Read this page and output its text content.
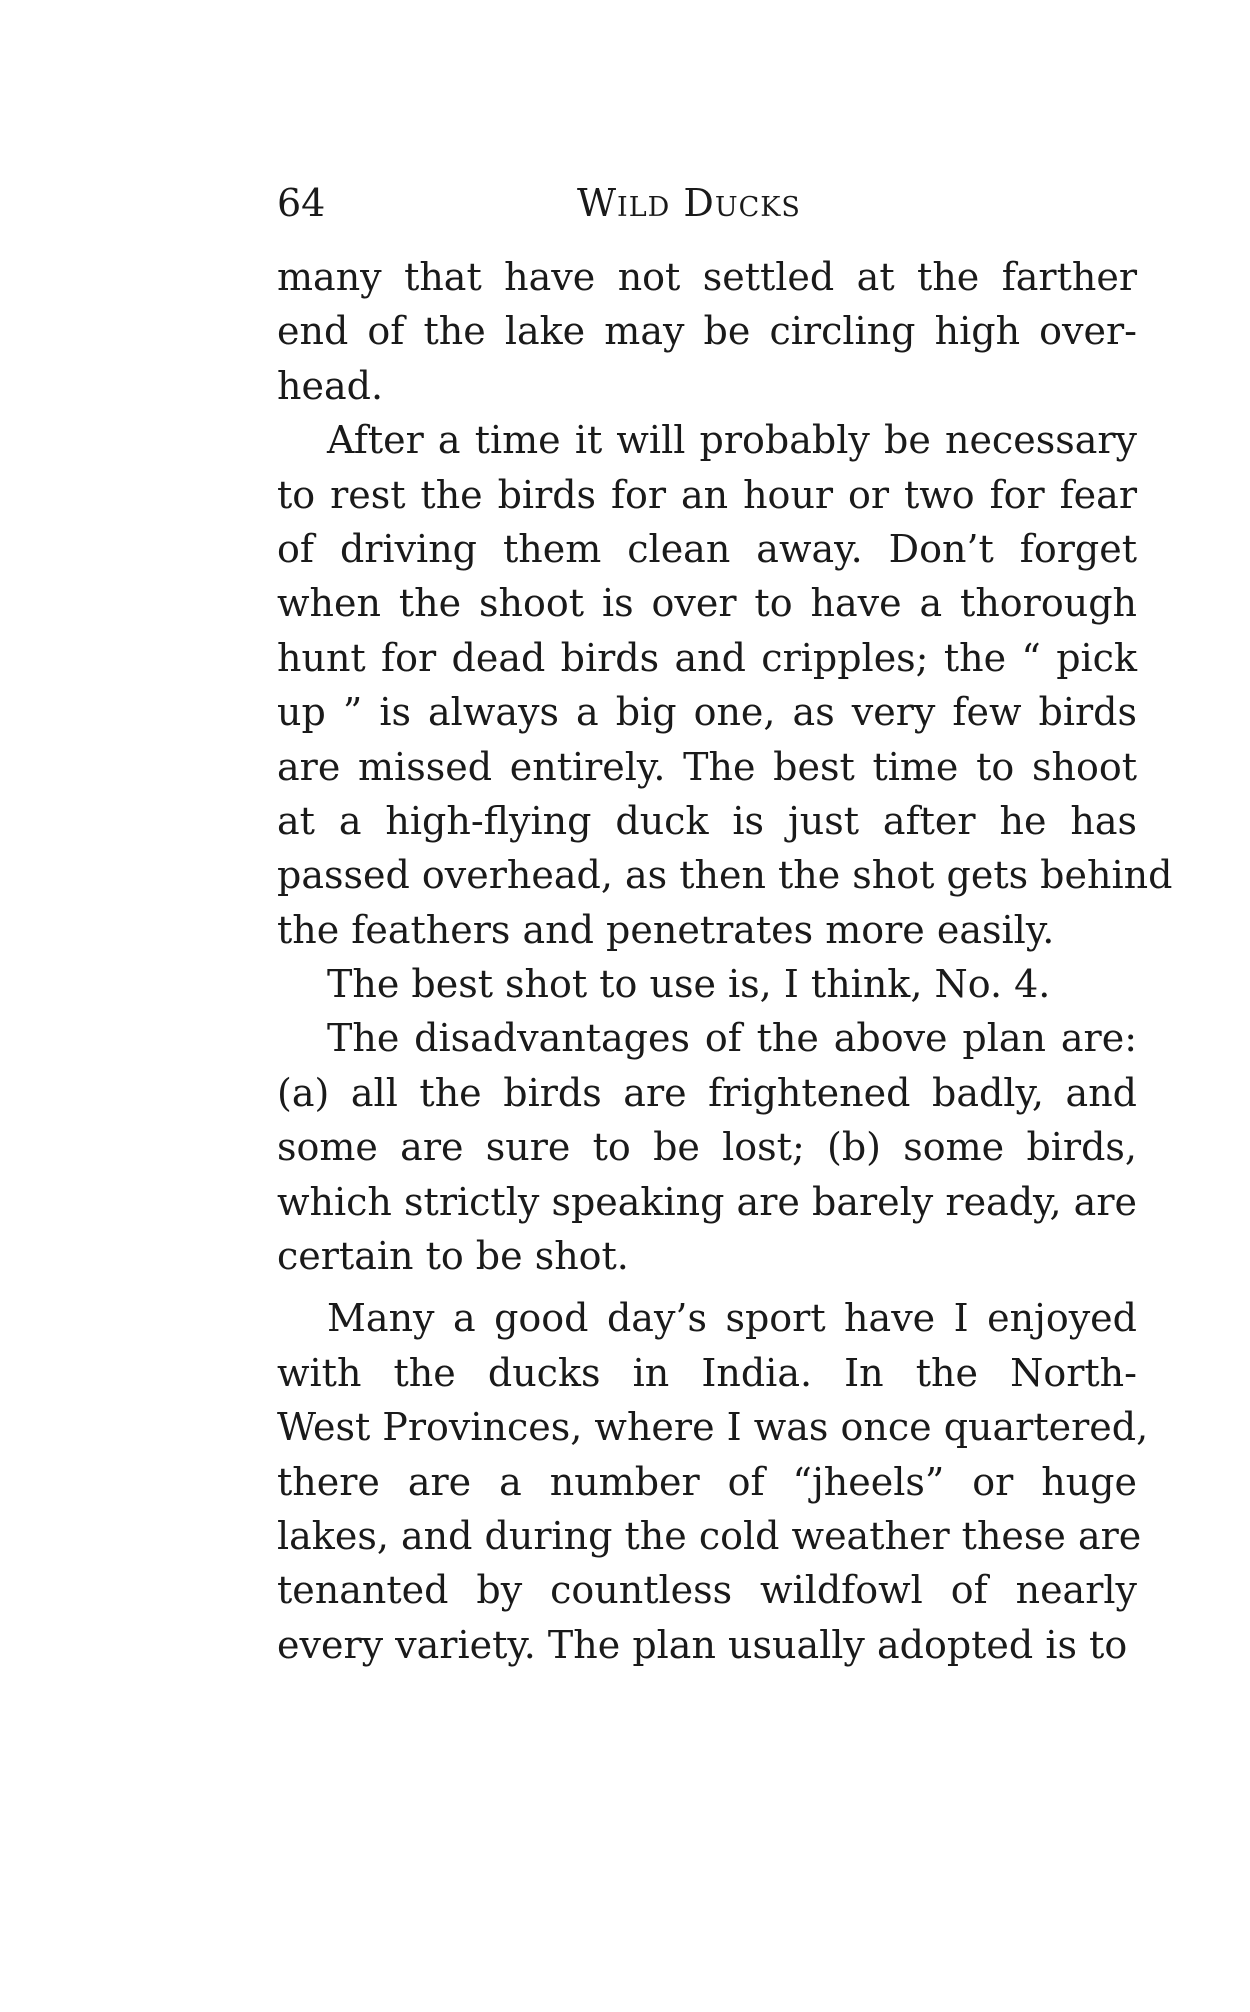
64	Wild Ducks
many that have not settled at the farther
end of the lake may be circling high over-
head.
After a time it will probably be necessary
to rest the birds for an hour or two for fear
of driving them clean away. Don’t forget
when the shoot is over to have a thorough
hunt for dead birds and cripples; the “ pick
up ” is always a big one, as very few birds
are missed entirely. The best time to shoot
at a high-flying duck is just after he has
passed overhead, as then the shot gets behind
the feathers and penetrates more easily.
The best shot to use is, I think, No. 4.
The disadvantages of the above plan are:
(a) all the birds are frightened badly, and
some are sure to be lost; (b) some birds,
which strictly speaking are barely ready, are
certain to be shot.
Many a good day’s sport have I enjoyed
with the ducks in India. In the North-
West Provinces, where I was once quartered,
there are a number of “jheels” or huge
lakes, and during the cold weather these are
tenanted by countless wildfowl of nearly
every variety. The plan usually adopted is to
